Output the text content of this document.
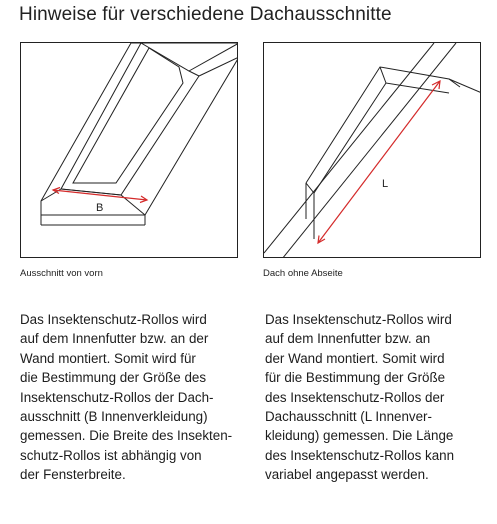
Hinweise für verschiedene Dachausschnitte
B
L
Ausschnitt von vorn	Dach ohne Abseite
Das Insektenschutz-Rollos wird
auf dem Innenfutter bzw. an der
Wand montiert. Somit wird für
die Bestimmung der Größe des
Insektenschutz-Rollos der Dach-
ausschnitt (B Innenverkleidung)
gemessen. Die Breite des Insekten-
schutz-Rollos ist abhängig von
der Fensterbreite.
Das Insektenschutz-Rollos wird
auf dem Innenfutter bzw. an
der Wand montiert. Somit wird
für die Bestimmung der Größe
des Insektenschutz-Rollos der
Dachausschnitt (L Innenver-
kleidung) gemessen. Die Länge
des Insektenschutz-Rollos kann
variabel angepasst werden.
